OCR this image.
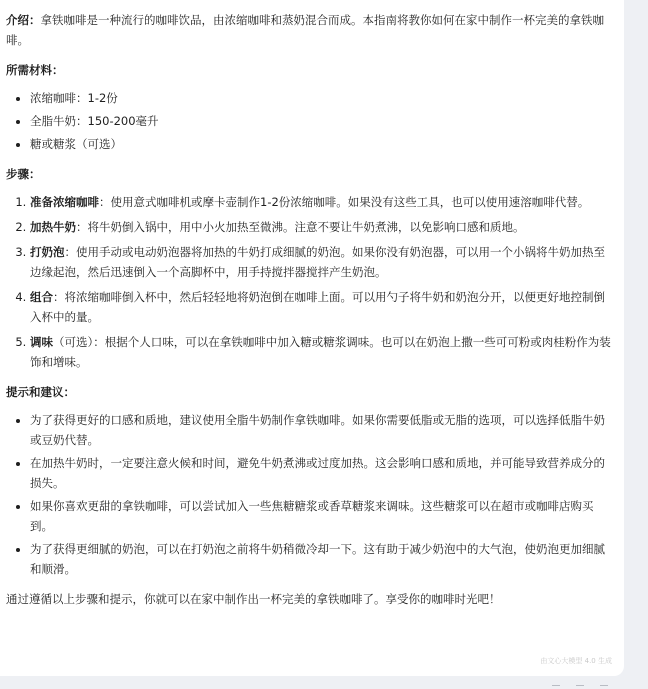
介绍：拿铁咖啡是一种流行的咖啡饮品，由浓缩咖啡和蒸奶混合而成。本指南将教你如何在家中制作一杯完美的拿铁咖啡。

所需材料：

• 浓缩咖啡：1-2份
• 全脂牛奶：150-200毫升
• 糖或糖浆（可选）

步骤：

1. 准备浓缩咖啡：使用意式咖啡机或摩卡壶制作1-2份浓缩咖啡。如果没有这些工具，也可以使用速溶咖啡代替。
2. 加热牛奶：将牛奶倒入锅中，用中小火加热至微沸。注意不要让牛奶煮沸，以免影响口感和质地。
3. 打奶泡：使用手动或电动奶泡器将加热的牛奶打成细腻的奶泡。如果你没有奶泡器，可以用一个小锅将牛奶加热至边缘起泡，然后迅速倒入一个高脚杯中，用手持搅拌器搅拌产生奶泡。
4. 组合：将浓缩咖啡倒入杯中，然后轻轻地将奶泡倒在咖啡上面。可以用勺子将牛奶和奶泡分开，以便更好地控制倒入杯中的量。
5. 调味（可选）：根据个人口味，可以在拿铁咖啡中加入糖或糖浆调味。也可以在奶泡上撒一些可可粉或肉桂粉作为装饰和增味。

提示和建议：

• 为了获得更好的口感和质地，建议使用全脂牛奶制作拿铁咖啡。如果你需要低脂或无脂的选项，可以选择低脂牛奶或豆奶代替。
• 在加热牛奶时，一定要注意火候和时间，避免牛奶煮沸或过度加热。这会影响口感和质地，并可能导致营养成分的损失。
• 如果你喜欢更甜的拿铁咖啡，可以尝试加入一些焦糖糖浆或香草糖浆来调味。这些糖浆可以在超市或咖啡店购买到。
• 为了获得更细腻的奶泡，可以在打奶泡之前将牛奶稍微冷却一下。这有助于减少奶泡中的大气泡，使奶泡更加细腻和顺滑。

通过遵循以上步骤和提示，你就可以在家中制作出一杯完美的拿铁咖啡了。享受你的咖啡时光吧！

由文心大模型 4.0 生成
